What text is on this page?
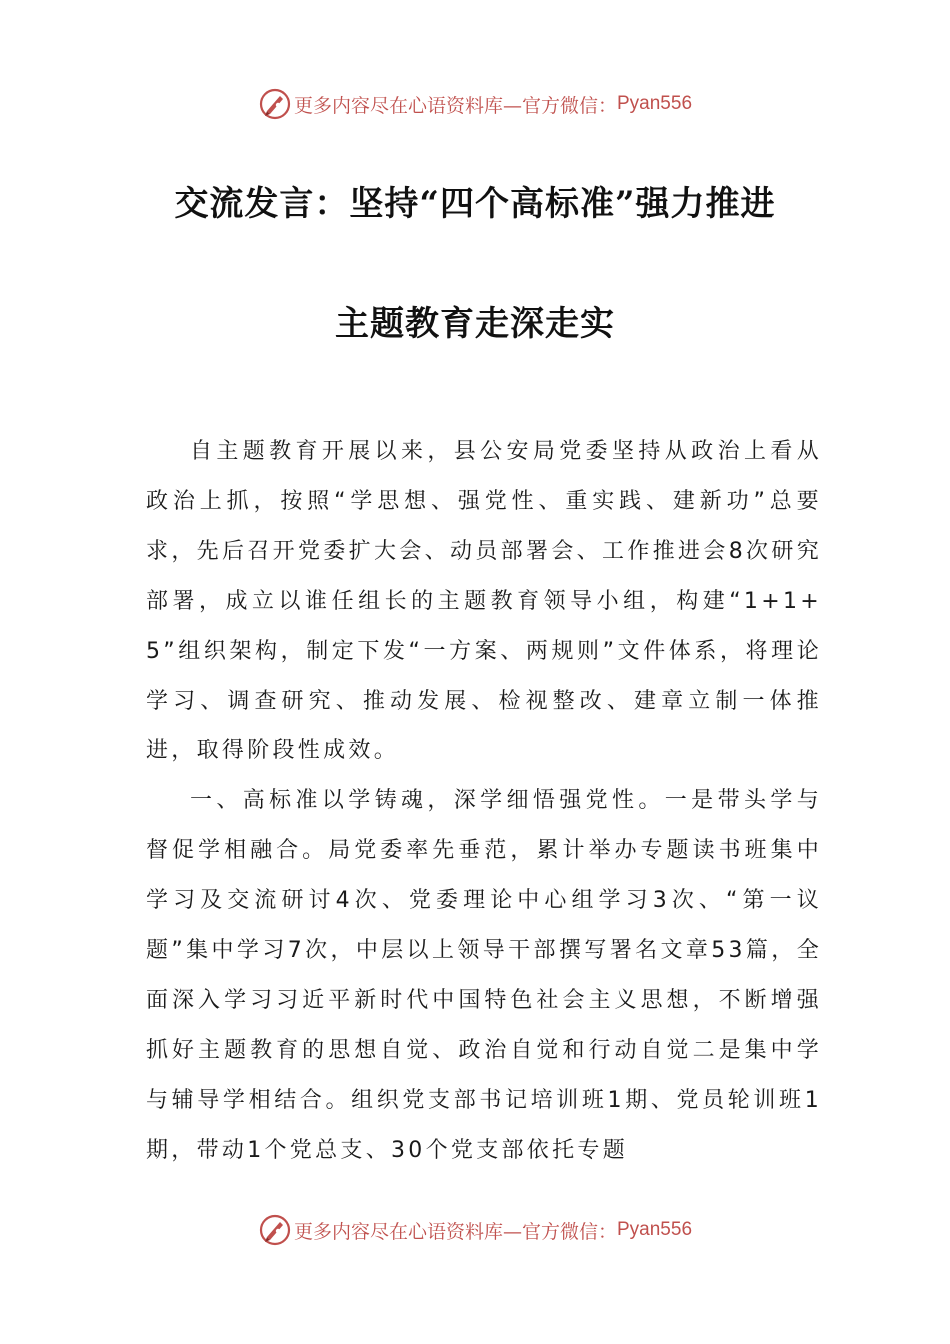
更多内容尽在心语资料库—官方微信： Pyan556
交流发言：坚持“四个高标准”强力推进
主题教育走深走实

自主题教育开展以来，县公安局党委坚持从政治上看从政治上抓，按照“学思想、强党性、重实践、建新功”总要求，先后召开党委扩大会、动员部署会、工作推进会8次研究部署，成立以谁任组长的主题教育领导小组，构建“1+1+5”组织架构，制定下发“一方案、两规则”文件体系，将理论学习、调查研究、推动发展、检视整改、建章立制一体推进，取得阶段性成效。

一、高标准以学铸魂，深学细悟强党性。一是带头学与督促学相融合。局党委率先垂范，累计举办专题读书班集中学习及交流研讨4次、党委理论中心组学习3次、“第一议题”集中学习7次，中层以上领导干部撰写署名文章53篇，全面深入学习习近平新时代中国特色社会主义思想，不断增强抓好主题教育的思想自觉、政治自觉和行动自觉二是集中学与辅导学相结合。组织党支部书记培训班1期、党员轮训班1期，带动1个党总支、30个党支部依托专题

更多内容尽在心语资料库—官方微信： Pyan556
